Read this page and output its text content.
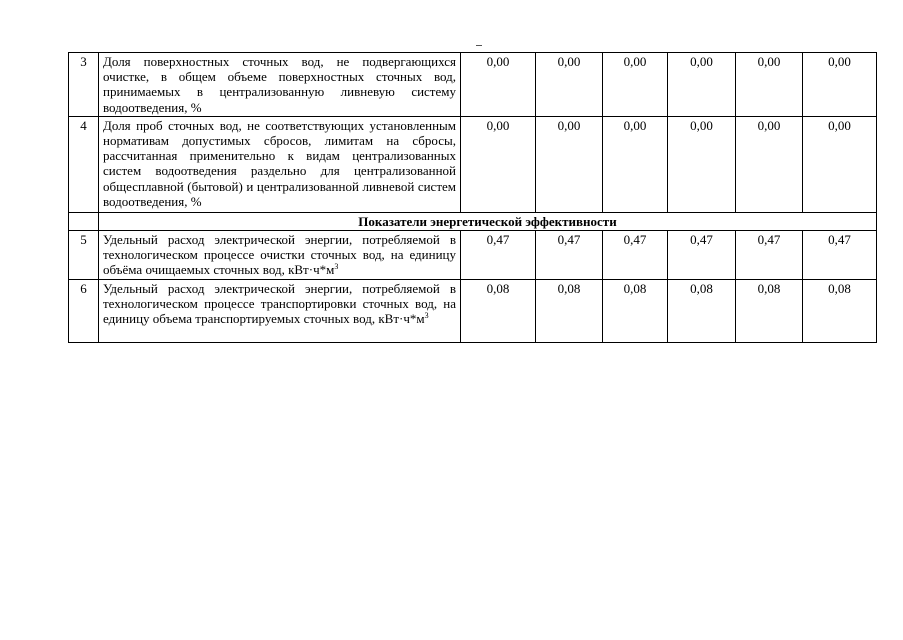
3	Доля поверхностных сточных вод, не подвергающихся очистке, в общем объеме поверхностных сточных вод, принимаемых в централизованную ливневую систему водоотведения, %	0,00	0,00	0,00	0,00	0,00	0,00
4	Доля проб сточных вод, не соответствующих установленным нормативам допустимых сбросов, лимитам на сбросы, рассчитанная применительно к видам централизованных систем водоотведения раздельно для централизованной общесплавной (бытовой) и централизованной ливневой систем водоотведения, %	0,00	0,00	0,00	0,00	0,00	0,00
	Показатели энергетической эффективности						
5	Удельный расход электрической энергии, потребляемой в технологическом процессе очистки сточных вод, на единицу объёма очищаемых сточных вод, $кВт\cdot ч*м^3$	0,47	0,47	0,47	0,47	0,47	0,47
6	Удельный расход электрической энергии, потребляемой в технологическом процессе транспортировки сточных вод, на единицу объема транспортируемых сточных вод, $кВт\cdot ч*м^3$	0,08	0,08	0,08	0,08	0,08	0,08
